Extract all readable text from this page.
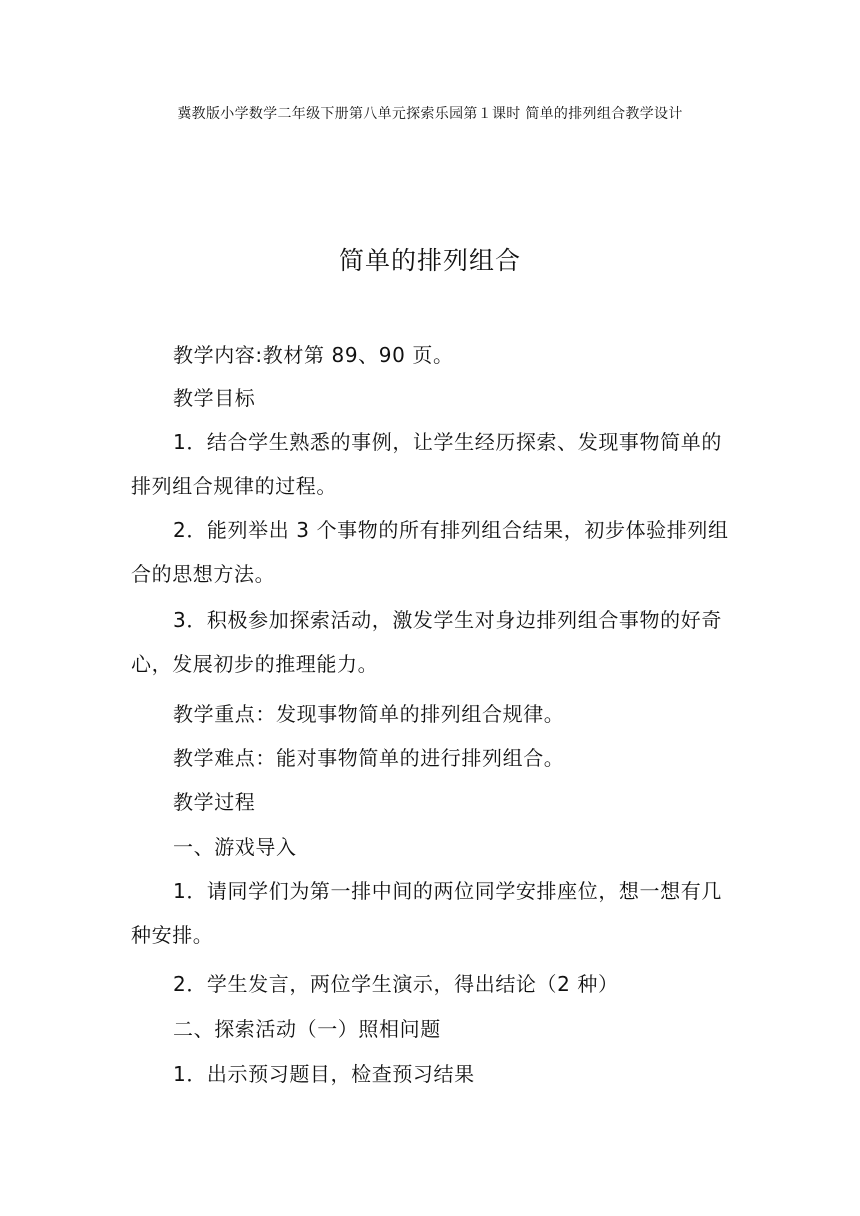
冀教版小学数学二年级下册第八单元探索乐园第１课时 简单的排列组合教学设计
简单的排列组合

教学内容:教材第 89、90 页。

教学目标

1．结合学生熟悉的事例，让学生经历探索、发现事物简单的排列组合规律的过程。

2．能列举出 3 个事物的所有排列组合结果，初步体验排列组合的思想方法。

3．积极参加探索活动，激发学生对身边排列组合事物的好奇心，发展初步的推理能力。

教学重点：发现事物简单的排列组合规律。

教学难点：能对事物简单的进行排列组合。

教学过程

一、游戏导入

1．请同学们为第一排中间的两位同学安排座位，想一想有几种安排。

2．学生发言，两位学生演示，得出结论（2 种）

二、探索活动（一）照相问题

1．出示预习题目，检查预习结果
